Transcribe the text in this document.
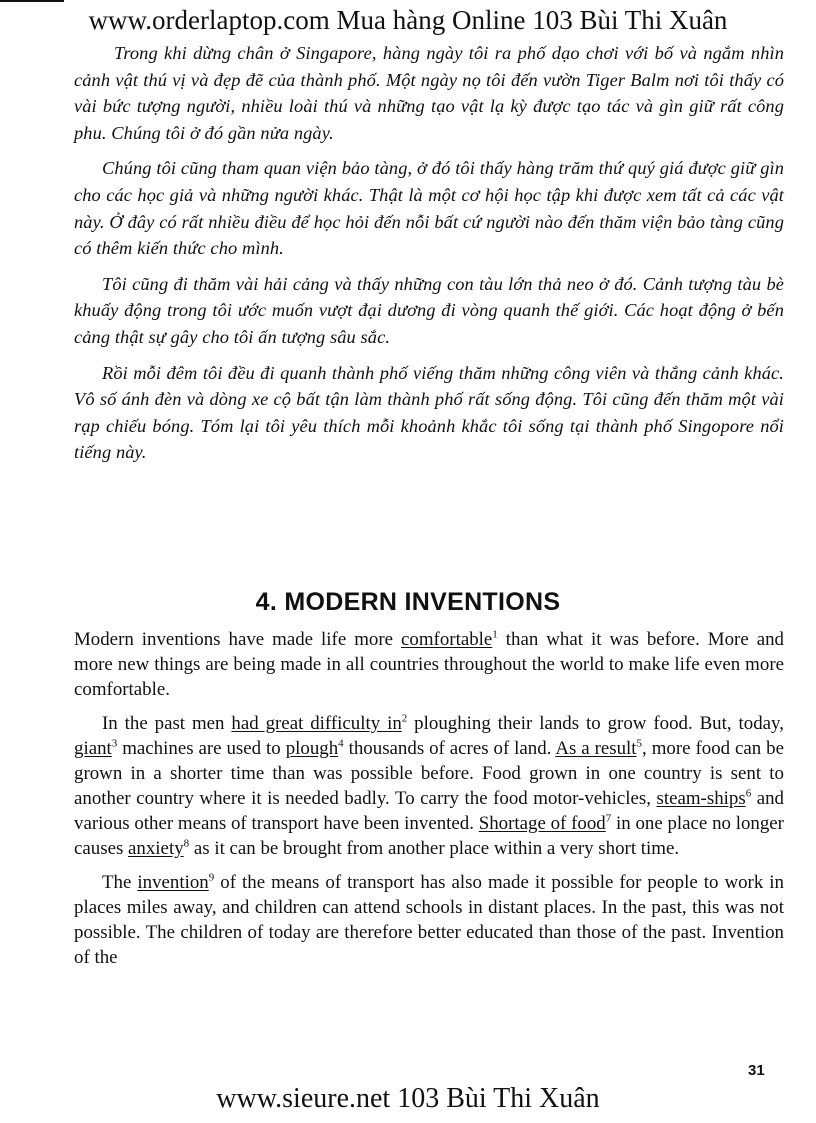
www.orderlaptop.com Mua hàng Online 103 Bùi Thi Xuân

Trong khi dừng chân ở Singapore, hàng ngày tôi ra phố dạo chơi với bố và ngắm nhìn cảnh vật thú vị và đẹp đẽ của thành phố. Một ngày nọ tôi đến vườn Tiger Balm nơi tôi thấy có vài bức tượng người, nhiều loài thú và những tạo vật lạ kỳ được tạo tác và gìn giữ rất công phu. Chúng tôi ở đó gần nửa ngày.

Chúng tôi cũng tham quan viện bảo tàng, ở đó tôi thấy hàng trăm thứ quý giá được giữ gìn cho các học giả và những người khác. Thật là một cơ hội học tập khi được xem tất cả các vật này. Ở đây có rất nhiều điều để học hỏi đến nỗi bất cứ người nào đến thăm viện bảo tàng cũng có thêm kiến thức cho mình.

Tôi cũng đi thăm vài hải cảng và thấy những con tàu lớn thả neo ở đó. Cảnh tượng tàu bè khuấy động trong tôi ước muốn vượt đại dương đi vòng quanh thế giới. Các hoạt động ở bến cảng thật sự gây cho tôi ấn tượng sâu sắc.

Rồi mỗi đêm tôi đều đi quanh thành phố viếng thăm những công viên và thắng cảnh khác. Vô số ánh đèn và dòng xe cộ bất tận làm thành phố rất sống động. Tôi cũng đến thăm một vài rạp chiếu bóng. Tóm lại tôi yêu thích mỗi khoảnh khắc tôi sống tại thành phố Singopore nổi tiếng này.

4. MODERN INVENTIONS

Modern inventions have made life more comfortable$^1$ than what it was before. More and more new things are being made in all countries throughout the world to make life even more comfortable.

In the past men had great difficulty $in^2$ ploughing their lands to grow food. But, today, giant$^3$ machines are used to plough$^4$ thousands of acres of land. As a result$^5$, more food can be grown in a shorter time than was possible before. Food grown in one country is sent to another country where it is needed badly. To carry the food motor-vehicles, steam-ships$^6$ and various other means of transport have been invented. Shortage of food$^7$ in one place no longer causes anxiety$^8$ as it can be brought from another place within a very short time.

The invention$^9$ of the means of transport has also made it possible for people to work in places miles away, and children can attend schools in distant places. In the past, this was not possible. The children of today are therefore better educated than those of the past. Invention of the

31
www.sieure.net 103 Bùi Thi Xuân
